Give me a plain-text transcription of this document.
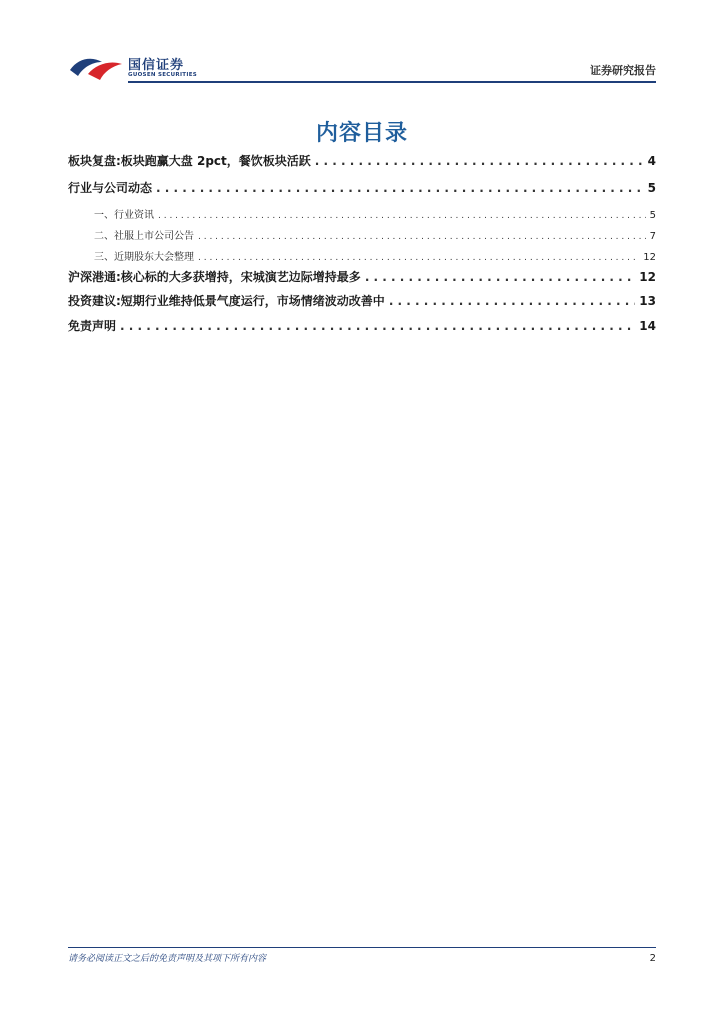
国信证券
GUOSEN SECURITIES	证券研究报告
内容目录
板块复盘:板块跑赢大盘 2pct，餐饮板块活跃 . . .	4
行业与公司动态 . . .	5
一、行业资讯 . . .	5
二、社服上市公司公告 . . .	7
三、近期股东大会整理 . . .	12
沪深港通:核心标的大多获增持，宋城演艺边际增持最多 . . .	12
投资建议:短期行业维持低景气度运行，市场情绪波动改善中 . . .	13
免责声明 . . .	14
请务必阅读正文之后的免责声明及其项下所有内容	2
